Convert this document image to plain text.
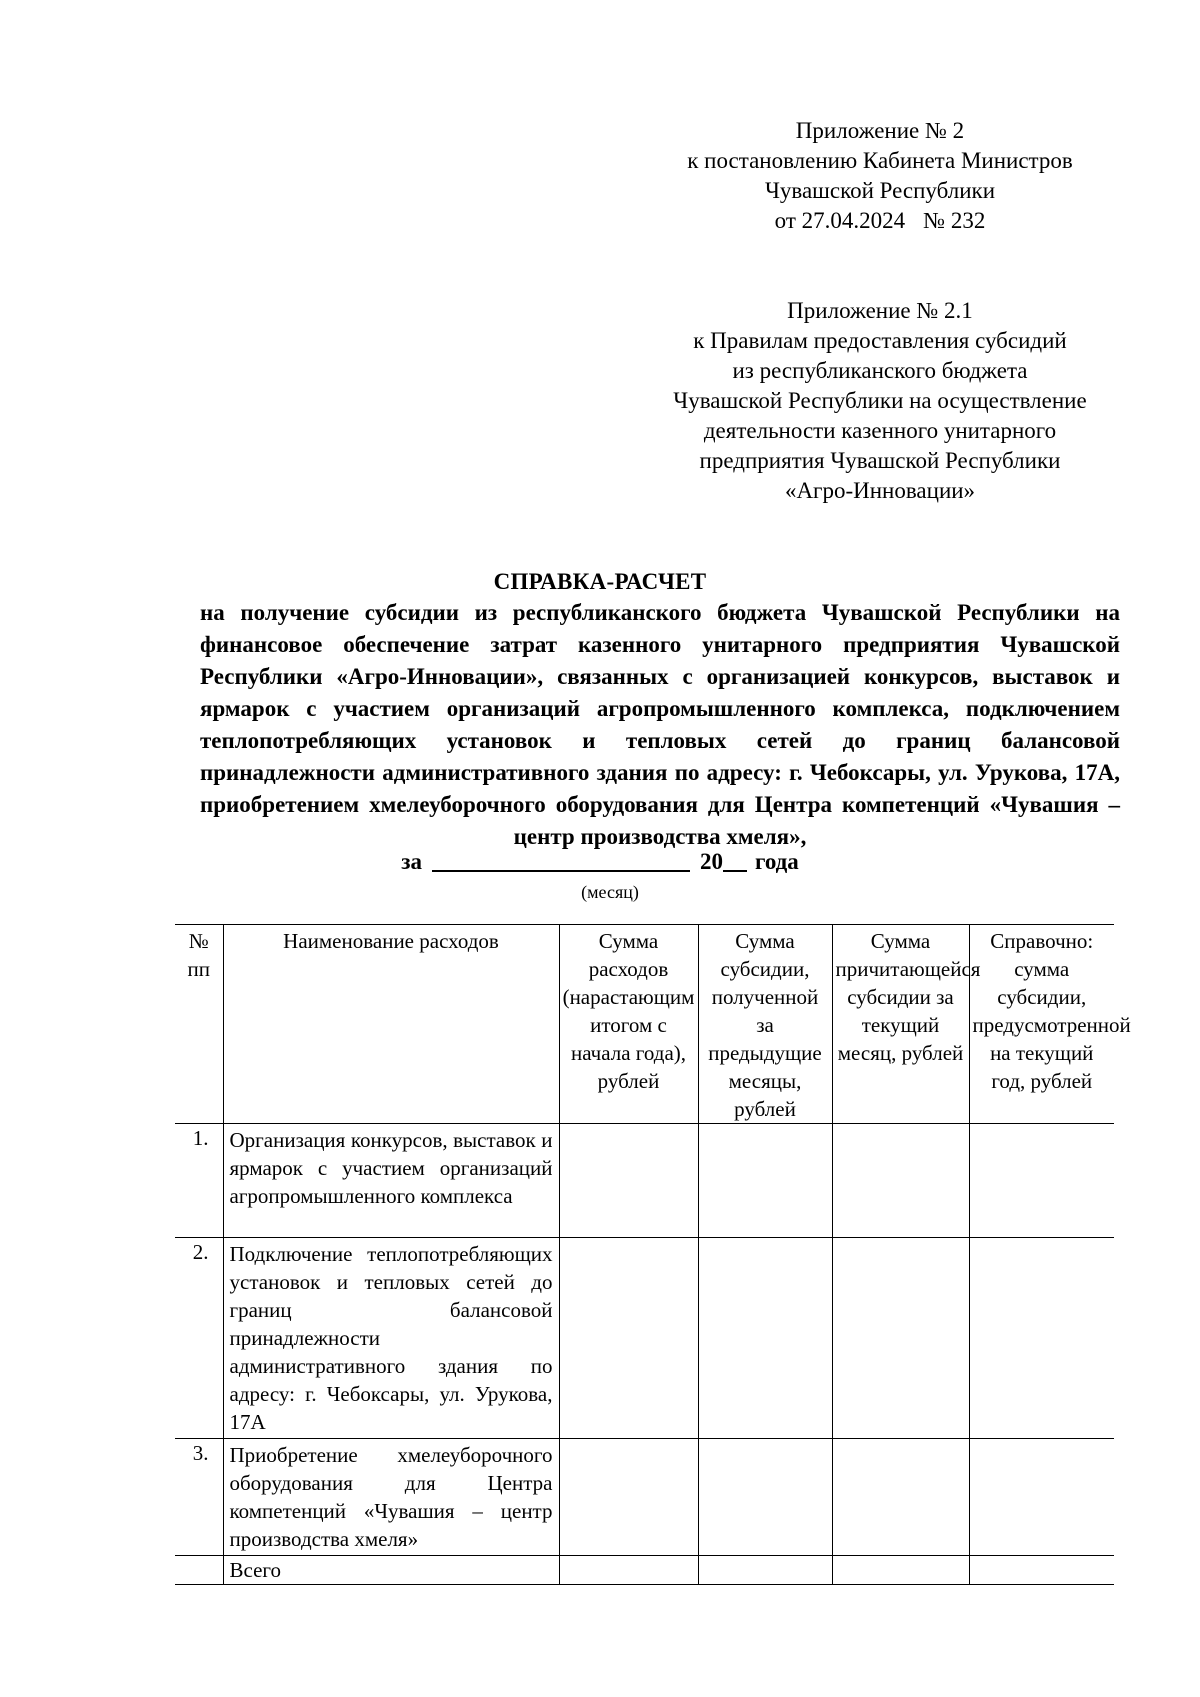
Приложение № 2
к постановлению Кабинета Министров
Чувашской Республики
от 27.04.2024 № 232
Приложение № 2.1
к Правилам предоставления субсидий
из республиканского бюджета
Чувашской Республики на осуществление
деятельности казенного унитарного
предприятия Чувашской Республики
«Агро-Инновации»
СПРАВКА-РАСЧЕТ
на получение субсидии из республиканского бюджета Чувашской Республики на финансовое обеспечение затрат казенного унитарного предприятия Чувашской Республики «Агро-Инновации», связанных с организацией конкурсов, выставок и ярмарок с участием организаций агропромышленного комплекса, подключением теплопотребляющих установок и тепловых сетей до границ балансовой принадлежности административного здания по адресу: г. Чебоксары, ул. Урукова, 17А, приобретением хмелеуборочного оборудования для Центра компетенций «Чувашия – центр производства хмеля»,
за	20 года
(месяц)
№ пп	Наименование расходов	Сумма расходов (нарастающим итогом с начала года), рублей	Сумма субсидии, полученной за предыдущие месяцы, рублей	Сумма причитающейся субсидии за текущий месяц, рублей	Справочно: сумма субсидии, предусмотренной на текущий год, рублей
1.	Организация конкурсов, выставок и ярмарок с участием организаций агропромышленного комплекса				
2.	Подключение теплопотребляющих установок и тепловых сетей до границ балансовой принадлежности административного здания по адресу: г. Чебоксары, ул. Урукова, 17А				
3.	Приобретение хмелеуборочного оборудования для Центра компетенций «Чувашия – центр производства хмеля»				
	Всего				
